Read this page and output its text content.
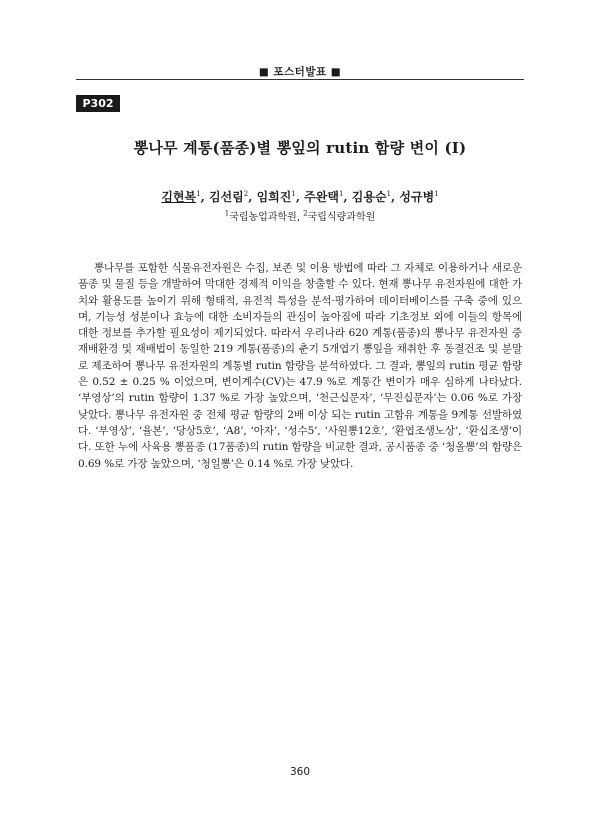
■ 포스터발표 ■
P302
뽕나무 계통(품종)별 뽕잎의 rutin 함량 변이 (Ⅰ)
김현복$^1$, 김선림$^2$, 임희진$^1$, 주완택$^1$, 김용순$^1$, 성규병$^1$
$^1$국립농업과학원, $^2$국립식량과학원

뽕나무를 포함한 식물유전자원은 수집, 보존 및 이용 방법에 따라 그 자체로 이용하거나 새로운 품종 및 물질 등을 개발하여 막대한 경제적 이익을 창출할 수 있다. 현재 뽕나무 유전자원에 대한 가치와 활용도를 높이기 위해 형태적, 유전적 특성을 분석·평가하여 데이터베이스를 구축 중에 있으며, 기능성 성분이나 효능에 대한 소비자들의 관심이 높아짐에 따라 기초정보 외에 이들의 항목에 대한 정보를 추가할 필요성이 제기되었다. 따라서 우리나라 620 계통(품종)의 뽕나무 유전자원 중 재배환경 및 재배법이 동일한 219 계통(품종)의 춘기 5개엽기 뽕잎을 채취한 후 동결건조 및 분말로 제조하여 뽕나무 유전자원의 계통별 rutin 함량을 분석하였다. 그 결과, 뽕잎의 rutin 평균 함량은 0.52 ± 0.25 % 이었으며, 변이계수(CV)는 47.9 %로 계통간 변이가 매우 심하게 나타났다. ‘부영상’의 rutin 함량이 1.37 %로 가장 높았으며, ‘천근십문자’, ‘무진십문자’는 0.06 %로 가장 낮았다. 뽕나무 유전자원 중 전체 평균 함량의 2배 이상 되는 rutin 고함유 계통을 9계통 선발하였다. ‘부영상’, ‘율본’, ‘당상5호’, ‘A8’, ‘아자’, ‘성수5’, ‘사원뽕12호’, ‘환엽조생노상’, ‘환십조생’이다. 또한 누에 사육용 뽕품종 (17품종)의 rutin 함량을 비교한 결과, 공시품종 중 ‘청올뽕’의 함량은 0.69 %로 가장 높았으며, ‘청일뽕’은 0.14 %로 가장 낮았다.

360
